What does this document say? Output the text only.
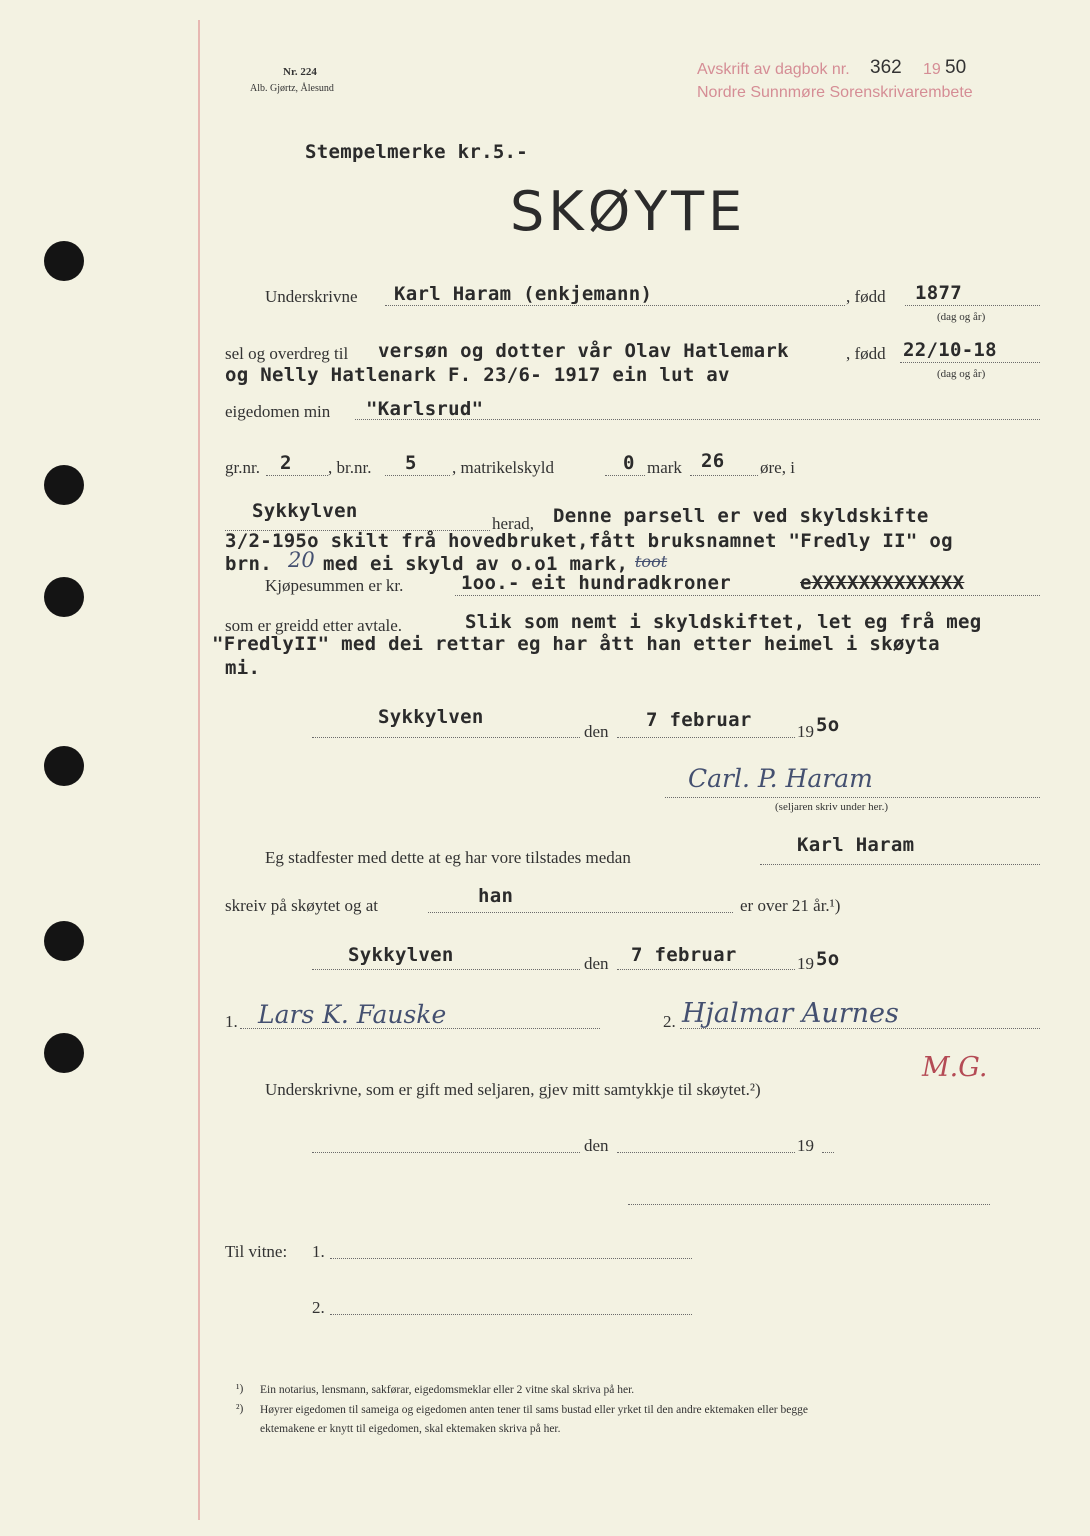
Nr. 224
Alb. Gjørtz, Ålesund
Avskrift av dagbok nr. 362 19 50
Nordre Sunnmøre Sorenskrivarembete
Stempelmerke kr.5.-
SKØYTE
Underskrivne Karl Haram (enkjemann)	, fødd 1877
(dag og år)
sel og overdreg til versøn og dotter vår Olav Hatlemark	, fødd 22/10-18
(dag og år)
og Nelly Hatlenark F. 23/6- 1917 ein lut av
eigedomen min "Karlsrud"
gr.nr. 2 , br.nr. 5 , matrikelskyld	0 mark 26 øre, i
Sykkylven
herad, Denne parsell er ved skyldskifte
3/2-195o skilt frå hovedbruket,fått bruksnamnet "Fredly II" og
brn. 20 med ei skyld av o.o1 mark, toot
Kjøpesummen er kr.	1oo.- eit hundradkroner	eXXXXXXXXXXXXX
som er greidd etter avtale.	Slik som nemt i skyldskiftet, let eg frå meg
"FredlyII" med dei rettar eg har ått han etter heimel i skøyta
mi.
Sykkylven
den
7 februar
19 5o
Carl. P. Haram
(seljaren skriv under her.)
Eg stadfester med dette at eg har vore tilstades medan
Karl Haram
skreiv på skøytet og at	han	er over 21 år.¹)
Sykkylven	den 7 februar	19 5o
1. Lars K. Fauske	2. Hjalmar Aurnes
M.G.
Underskrivne, som er gift med seljaren, gjev mitt samtykkje til skøytet.²)
den	19
Til vitne: 1.
2.
¹) Ein notarius, lensmann, sakførar, eigedomsmeklar eller 2 vitne skal skriva på her.
²) Høyrer eigedomen til sameiga og eigedomen anten tener til sams bustad eller yrket til den andre ektemaken eller begge
ektemakene er knytt til eigedomen, skal ektemaken skriva på her.
